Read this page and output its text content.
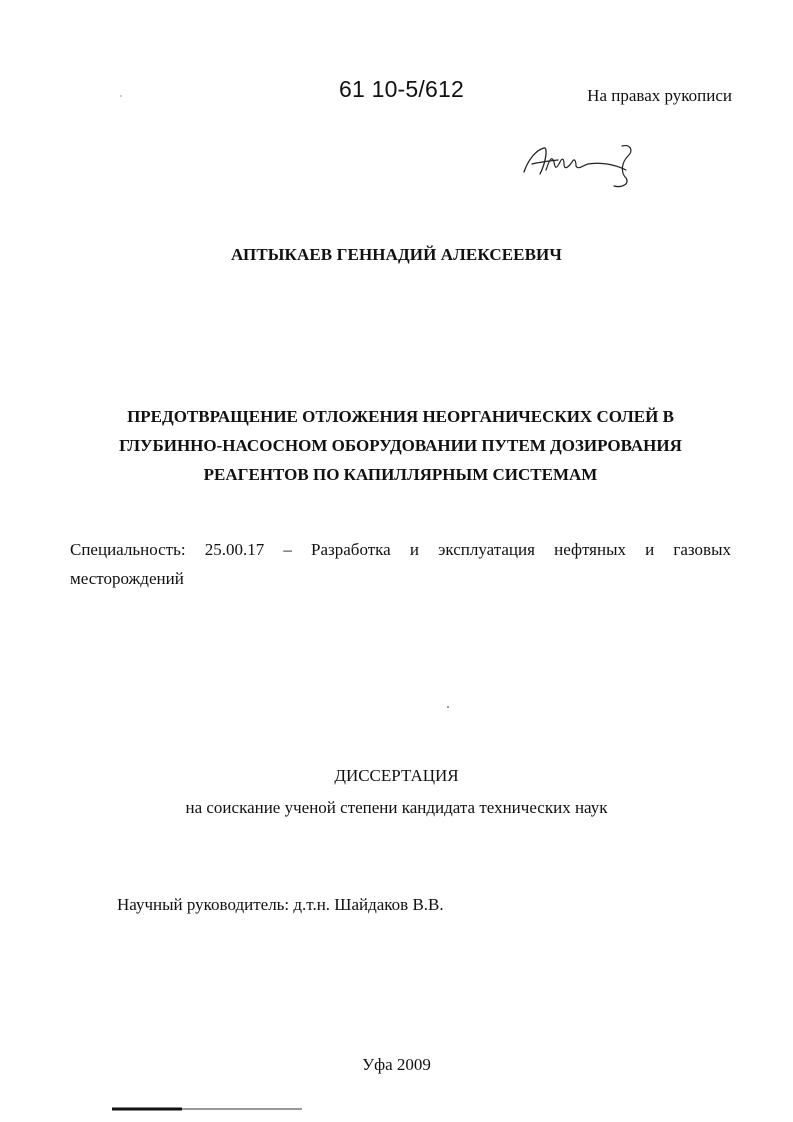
61 10-5/612	На правах рукописи
АПТЫКАЕВ ГЕННАДИЙ АЛЕКСЕЕВИЧ
ПРЕДОТВРАЩЕНИЕ ОТЛОЖЕНИЯ НЕОРГАНИЧЕСКИХ СОЛЕЙ В
ГЛУБИННО-НАСОСНОМ ОБОРУДОВАНИИ ПУТЕМ ДОЗИРОВАНИЯ
РЕАГЕНТОВ ПО КАПИЛЛЯРНЫМ СИСТЕМАМ
Специальность: 25.00.17 – Разработка и эксплуатация нефтяных и газовых
месторождений
ДИССЕРТАЦИЯ
на соискание ученой степени кандидата технических наук
Научный руководитель: д.т.н. Шайдаков В.В.
Уфа 2009
